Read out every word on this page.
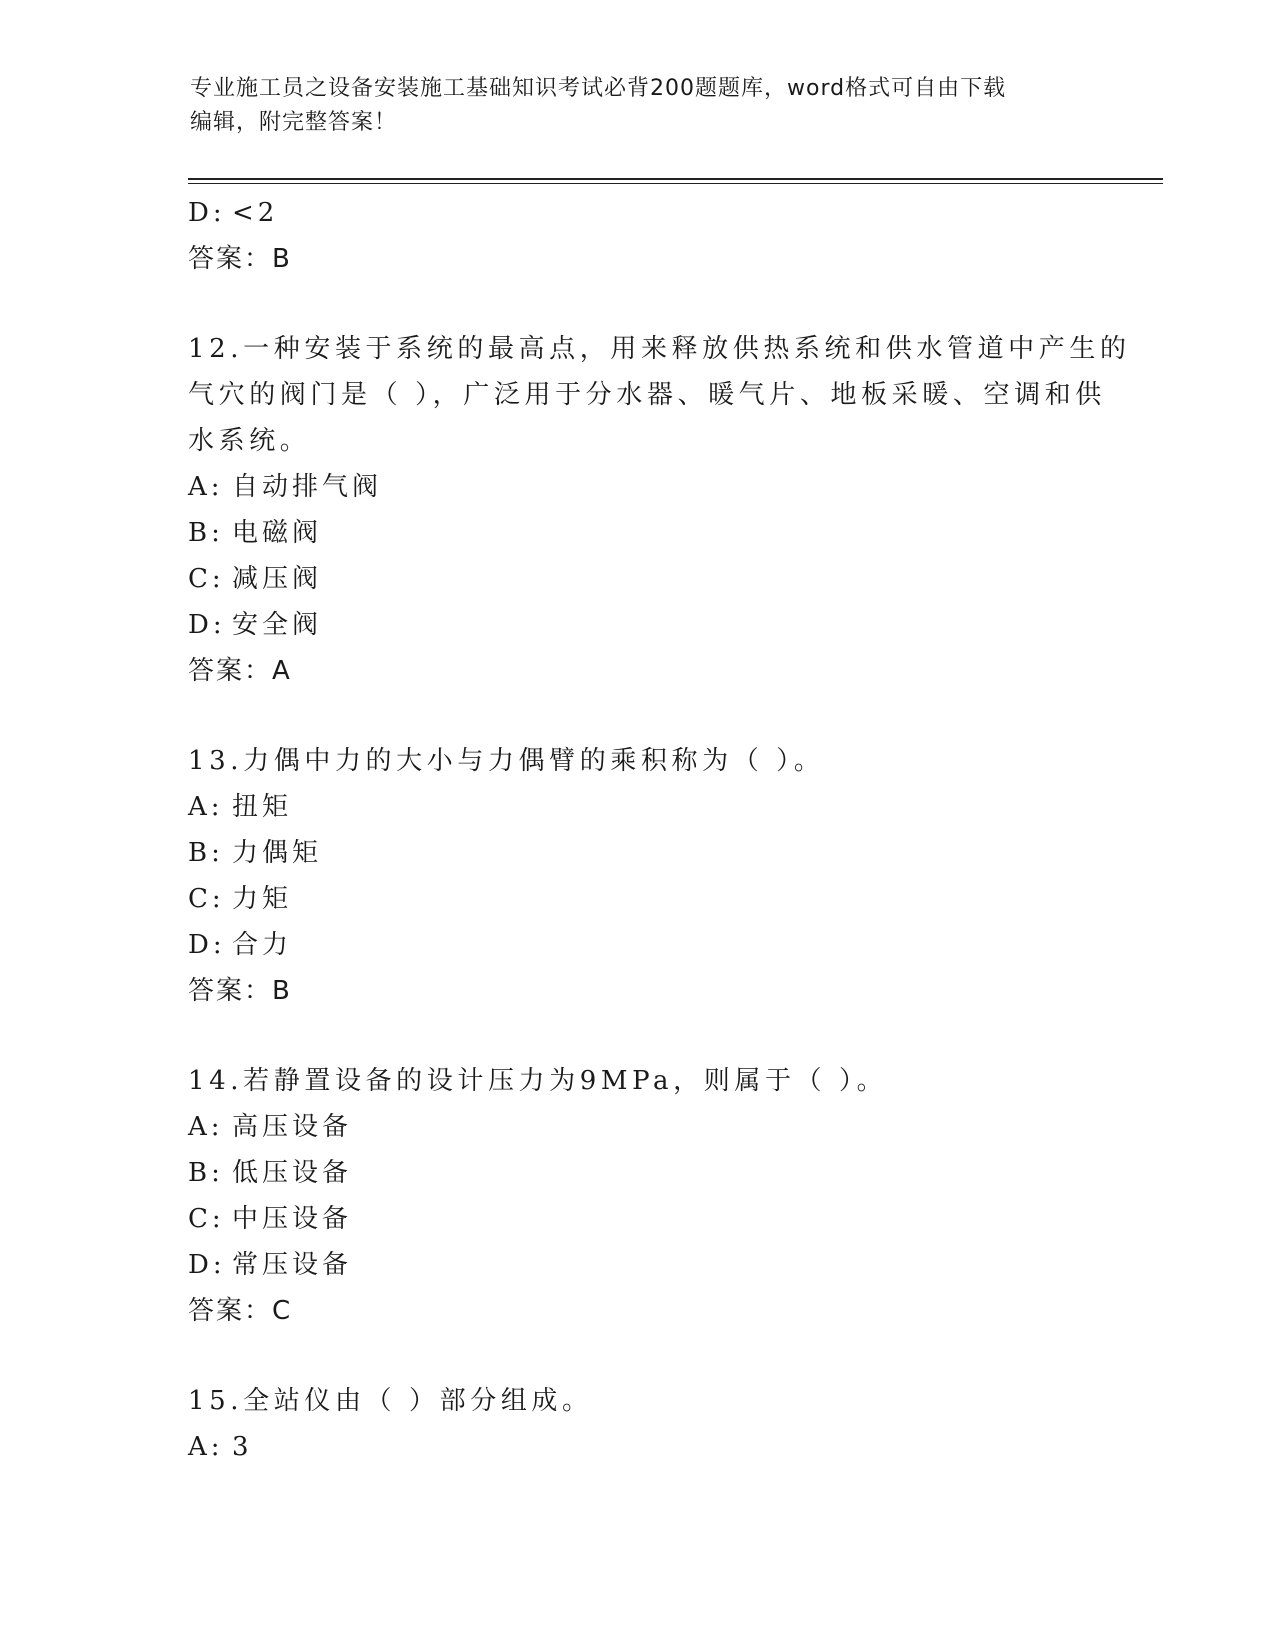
专业施工员之设备安装施工基础知识考试必背200题题库，word格式可自由下载
编辑，附完整答案！
D: <2
答案：B
12.一种安装于系统的最高点，用来释放供热系统和供水管道中产生的
气穴的阀门是（ ），广泛用于分水器、暖气片、地板采暖、空调和供
水系统。
A: 自动排气阀
B: 电磁阀
C: 减压阀
D: 安全阀
答案：A
13.力偶中力的大小与力偶臂的乘积称为（ ）。
A: 扭矩
B: 力偶矩
C: 力矩
D: 合力
答案：B
14.若静置设备的设计压力为9MPa，则属于（ ）。
A: 高压设备
B: 低压设备
C: 中压设备
D: 常压设备
答案：C
15.全站仪由（ ）部分组成。
A: 3
